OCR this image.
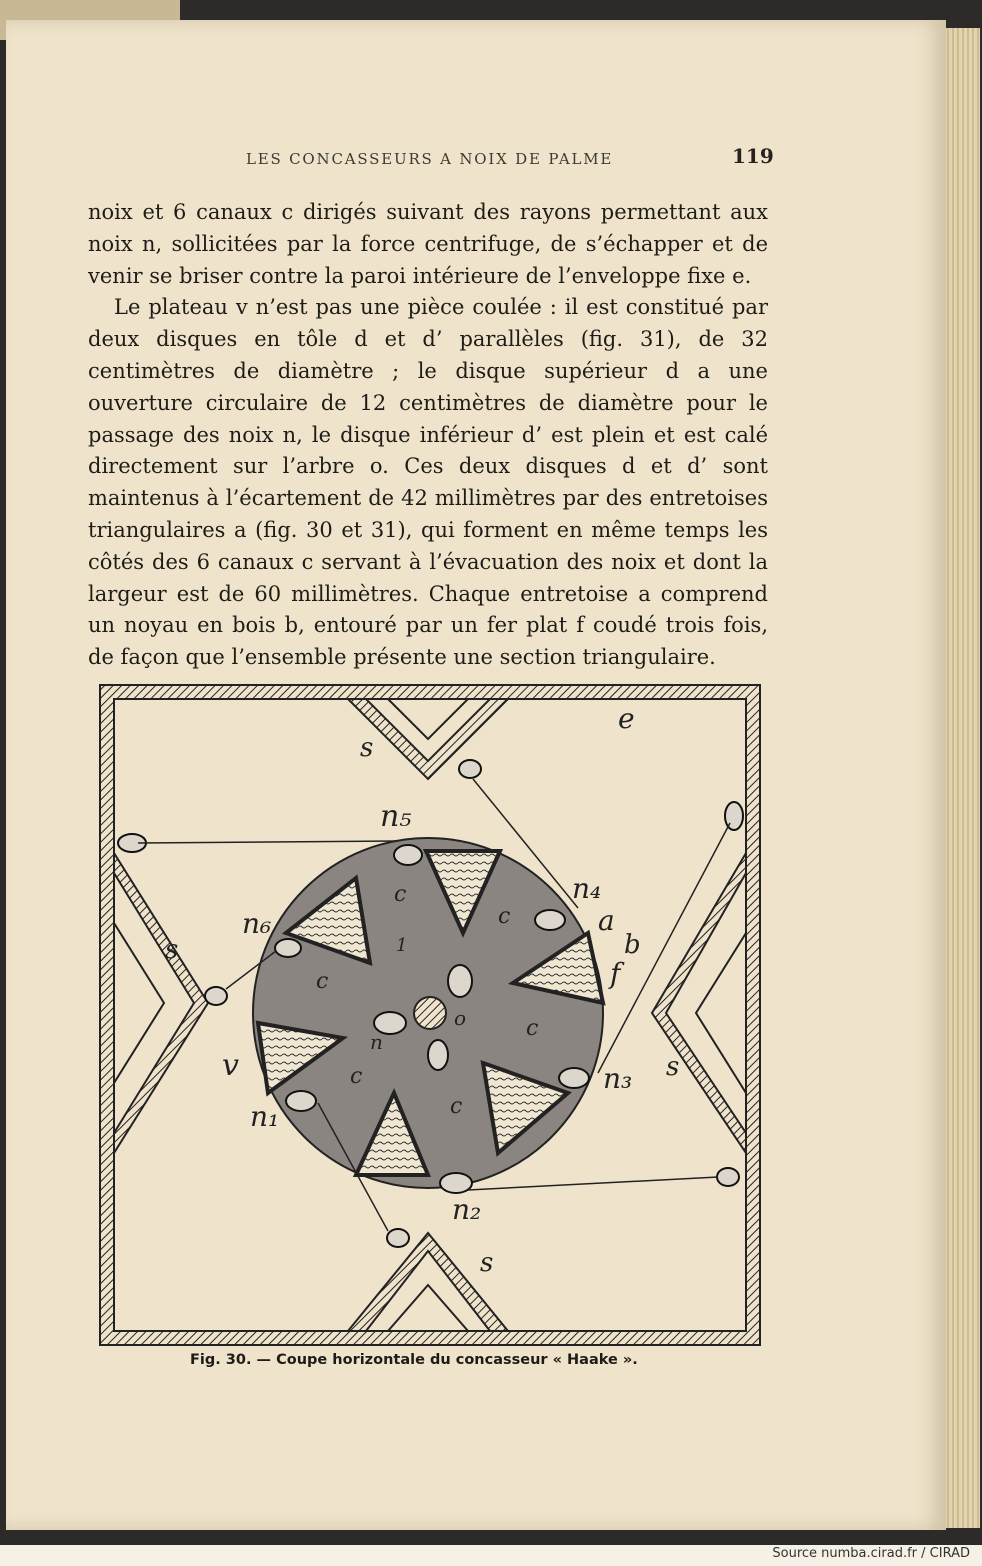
LES CONCASSEURS A NOIX DE PALME	119

noix et 6 canaux c dirigés suivant des rayons permettant aux noix n, sollicitées par la force centrifuge, de s’échapper et de venir se briser contre la paroi intérieure de l’enveloppe fixe e.

Le plateau v n’est pas une pièce coulée : il est constitué par deux disques en tôle d et d’ parallèles (fig. 31), de 32 centimètres de diamètre ; le disque supérieur d a une ouverture circulaire de 12 centimètres de diamètre pour le passage des noix n, le disque inférieur d’ est plein et est calé directement sur l’arbre o. Ces deux disques d et d’ sont maintenus à l’écartement de 42 millimètres par des entretoises triangulaires a (fig. 30 et 31), qui forment en même temps les côtés des 6 canaux c servant à l’évacuation des noix et dont la largeur est de 60 millimètres. Chaque entretoise a comprend un noyau en bois b, entouré par un fer plat f coudé trois fois, de façon que l’ensemble présente une section triangulaire.

e
s
s
s
s
n₅
n₄
n₆
n₃
n₁
n₂
a
b
f
c
c
c
c
c
c
v
o
n
1
Fig. 30. — Coupe horizontale du concasseur « Haake ».
Source numba.cirad.fr / CIRAD
